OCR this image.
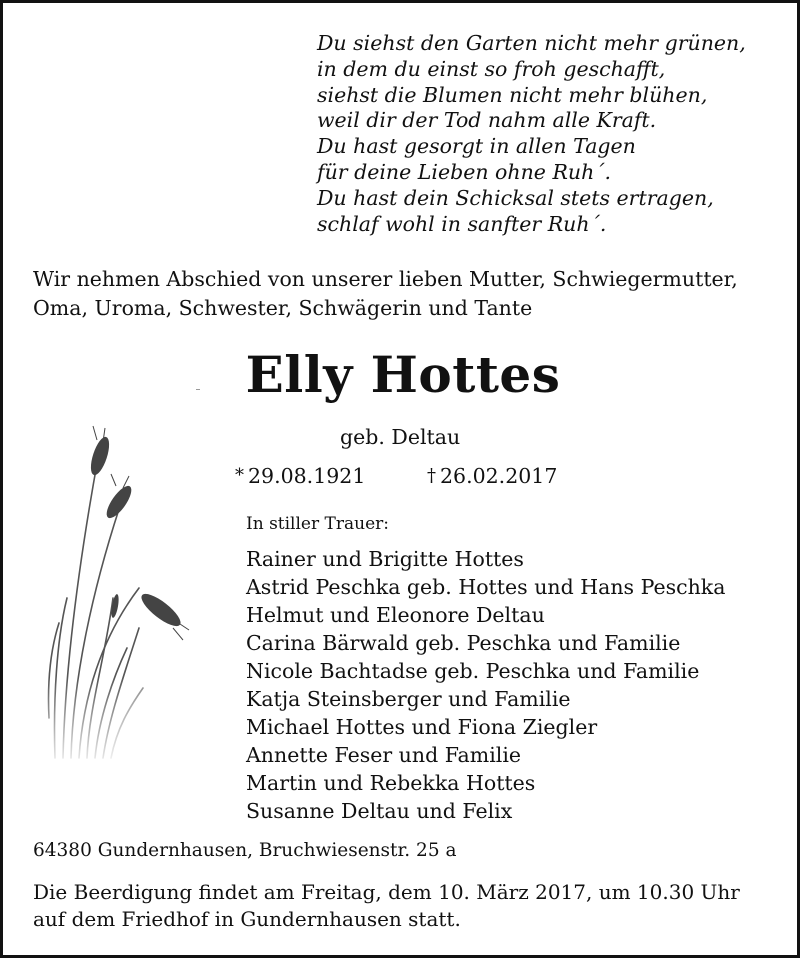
Du siehst den Garten nicht mehr grünen,
in dem du einst so froh geschafft,
siehst die Blumen nicht mehr blühen,
weil dir der Tod nahm alle Kraft.
Du hast gesorgt in allen Tagen
für deine Lieben ohne Ruh´.
Du hast dein Schicksal stets ertragen,
schlaf wohl in sanfter Ruh´.
Wir nehmen Abschied von unserer lieben Mutter, Schwiegermutter,
Oma, Uroma, Schwester, Schwägerin und Tante
Elly Hottes
geb. Deltau
* 29.08.1921	† 26.02.2017
In stiller Trauer:
Rainer und Brigitte Hottes
Astrid Peschka geb. Hottes und Hans Peschka
Helmut und Eleonore Deltau
Carina Bärwald geb. Peschka und Familie
Nicole Bachtadse geb. Peschka und Familie
Katja Steinsberger und Familie
Michael Hottes und Fiona Ziegler
Annette Feser und Familie
Martin und Rebekka Hottes
Susanne Deltau und Felix
64380 Gundernhausen, Bruchwiesenstr. 25 a
Die Beerdigung findet am Freitag, dem 10. März 2017, um 10.30 Uhr
auf dem Friedhof in Gundernhausen statt.
